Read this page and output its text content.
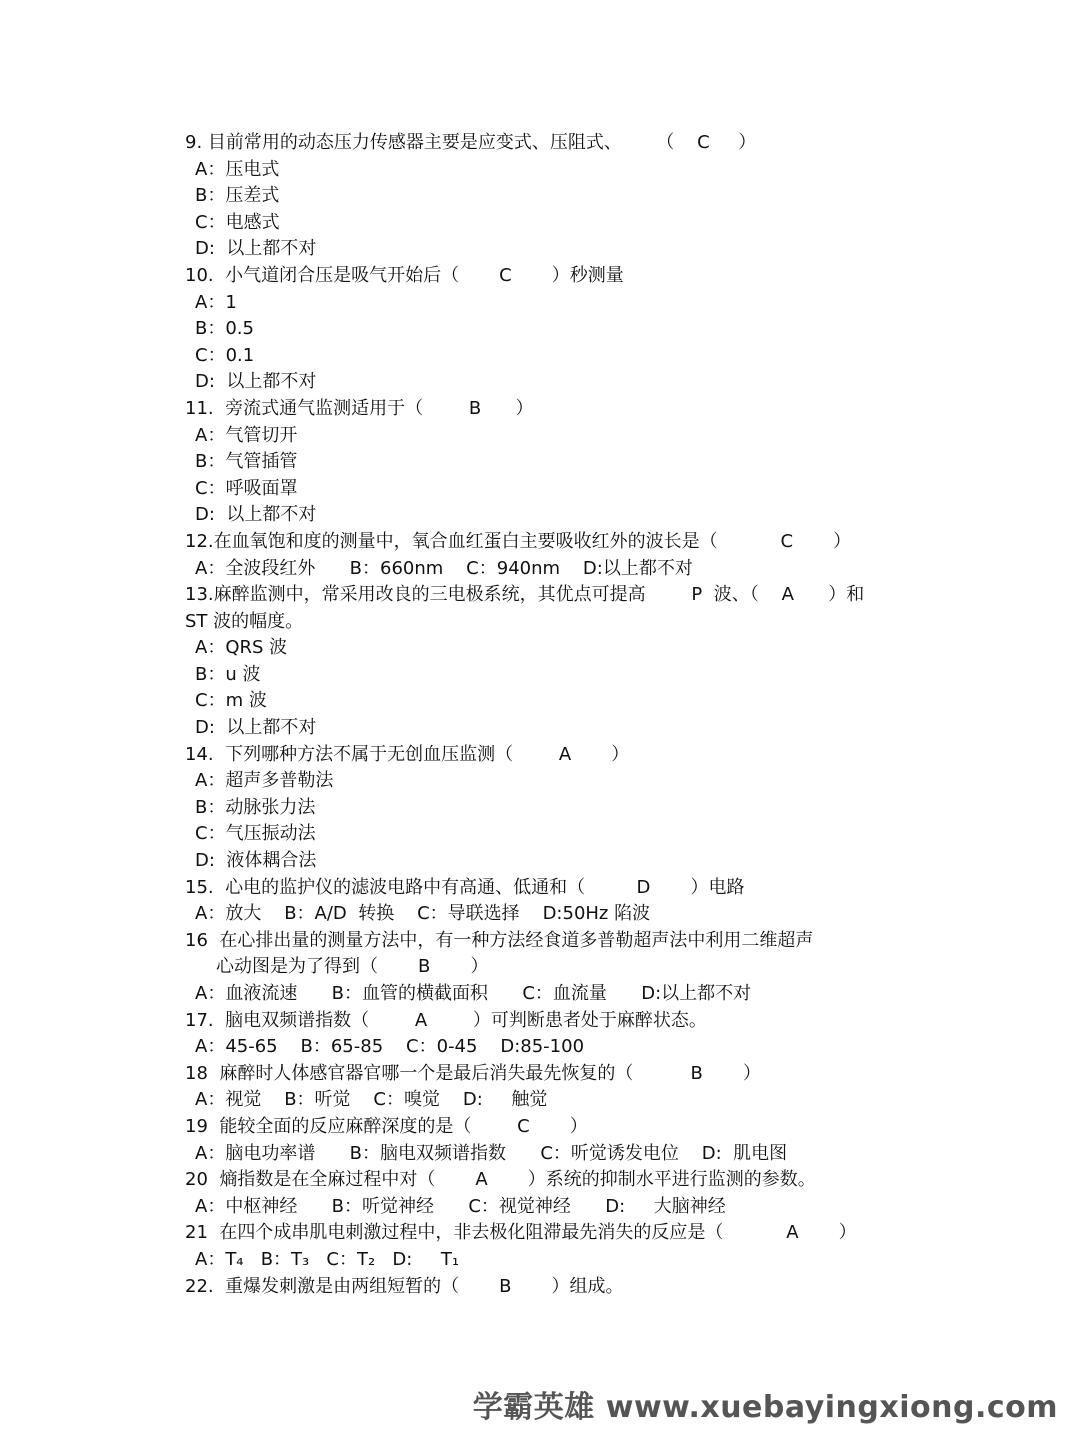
9. 目前常用的动态压力传感器主要是应变式、压阻式、      （    C     ）
A：压电式
B：压差式
C：电感式
D:  以上都不对
10.  小气道闭合压是吸气开始后（       C       ）秒测量
A：1
B：0.5
C：0.1
D:  以上都不对
11.  旁流式通气监测适用于（        B      ）
A：气管切开
B：气管插管
C：呼吸面罩
D:  以上都不对
12.在血氧饱和度的测量中，氧合血红蛋白主要吸收红外的波长是（           C       ）
A：全波段红外      B：660nm    C：940nm    D:以上都不对
13.麻醉监测中，常采用改良的三电极系统，其优点可提高        P  波、（    A      ）和
ST 波的幅度。
A：QRS 波
B：u 波
C：m 波
D:  以上都不对
14.  下列哪种方法不属于无创血压监测（        A       ）
A：超声多普勒法
B：动脉张力法
C：气压振动法
D:  液体耦合法
15.  心电的监护仪的滤波电路中有高通、低通和（         D       ）电路
A：放大    B：A/D  转换    C：导联选择    D:50Hz 陷波
16  在心排出量的测量方法中，有一种方法经食道多普勒超声法中利用二维超声
心动图是为了得到（       B       ）
A：血液流速      B：血管的横截面积      C：血流量      D:以上都不对
17.  脑电双频谱指数（        A        ）可判断患者处于麻醉状态。
A：45-65    B：65-85    C：0-45    D:85-100
18  麻醉时人体感官器官哪一个是最后消失最先恢复的（          B       ）
A：视觉    B：听觉    C：嗅觉    D:     触觉
19  能较全面的反应麻醉深度的是（        C       ）
A：脑电功率谱      B：脑电双频谱指数      C：听觉诱发电位    D:  肌电图
20  熵指数是在全麻过程中对（       A       ）系统的抑制水平进行监测的参数。
A：中枢神经      B：听觉神经      C：视觉神经      D:     大脑神经
21  在四个成串肌电刺激过程中，非去极化阻滞最先消失的反应是（           A       ）
A：T₄   B：T₃   C：T₂   D:     T₁
22.  重爆发刺激是由两组短暂的（       B       ）组成。
学霸英雄 www.xuebayingxiong.com
